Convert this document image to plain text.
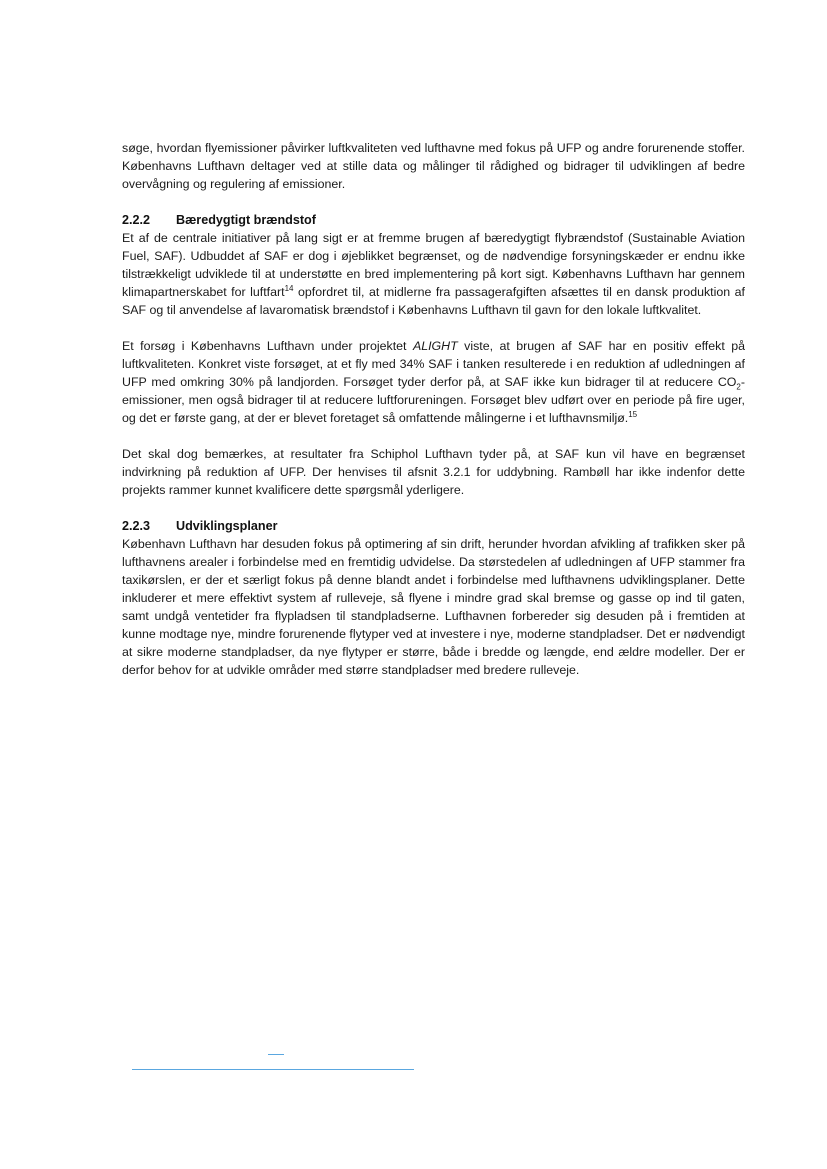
søge, hvordan flyemissioner påvirker luftkvaliteten ved lufthavne med fokus på UFP og andre forurenende stoffer. Københavns Lufthavn deltager ved at stille data og målinger til rådighed og bidrager til udviklingen af bedre overvågning og regulering af emissioner.

2.2.2 Bæredygtigt brændstof

Et af de centrale initiativer på lang sigt er at fremme brugen af bæredygtigt flybrændstof (Sustainable Aviation Fuel, SAF). Udbuddet af SAF er dog i øjeblikket begrænset, og de nødvendige forsyningskæder er endnu ikke tilstrækkeligt udviklede til at understøtte en bred implementering på kort sigt. Københavns Lufthavn har gennem klimapartnerskabet for luftfart$^{14}$ opfordret til, at midlerne fra passagerafgiften afsættes til en dansk produktion af SAF og til anvendelse af lavaromatisk brændstof i Københavns Lufthavn til gavn for den lokale luftkvalitet.

Et forsøg i Københavns Lufthavn under projektet ALIGHT viste, at brugen af SAF har en positiv effekt på luftkvaliteten. Konkret viste forsøget, at et fly med 34% SAF i tanken resulterede i en reduktion af udledningen af UFP med omkring 30% på landjorden. Forsøget tyder derfor på, at SAF ikke kun bidrager til at reducere $CO_2$-emissioner, men også bidrager til at reducere luftforureningen. Forsøget blev udført over en periode på fire uger, og det er første gang, at der er blevet foretaget så omfattende målingerne i et lufthavnsmiljø.$^{15}$

Det skal dog bemærkes, at resultater fra Schiphol Lufthavn tyder på, at SAF kun vil have en begrænset indvirkning på reduktion af UFP. Der henvises til afsnit 3.2.1 for uddybning. Rambøll har ikke indenfor dette projekts rammer kunnet kvalificere dette spørgsmål yderligere.

2.2.3 Udviklingsplaner

København Lufthavn har desuden fokus på optimering af sin drift, herunder hvordan afvikling af trafikken sker på lufthavnens arealer i forbindelse med en fremtidig udvidelse. Da størstedelen af udledningen af UFP stammer fra taxikørslen, er der et særligt fokus på denne blandt andet i forbindelse med lufthavnens udviklingsplaner. Dette inkluderer et mere effektivt system af rulleveje, så flyene i mindre grad skal bremse og gasse op ind til gaten, samt undgå ventetider fra flypladsen til standpladserne. Lufthavnen forbereder sig desuden på i fremtiden at kunne modtage nye, mindre forurenende flytyper ved at investere i nye, moderne standpladser. Det er nødvendigt at sikre moderne standpladser, da nye flytyper er større, både i bredde og længde, end ældre modeller. Der er derfor behov for at udvikle områder med større standpladser med bredere rulleveje.
